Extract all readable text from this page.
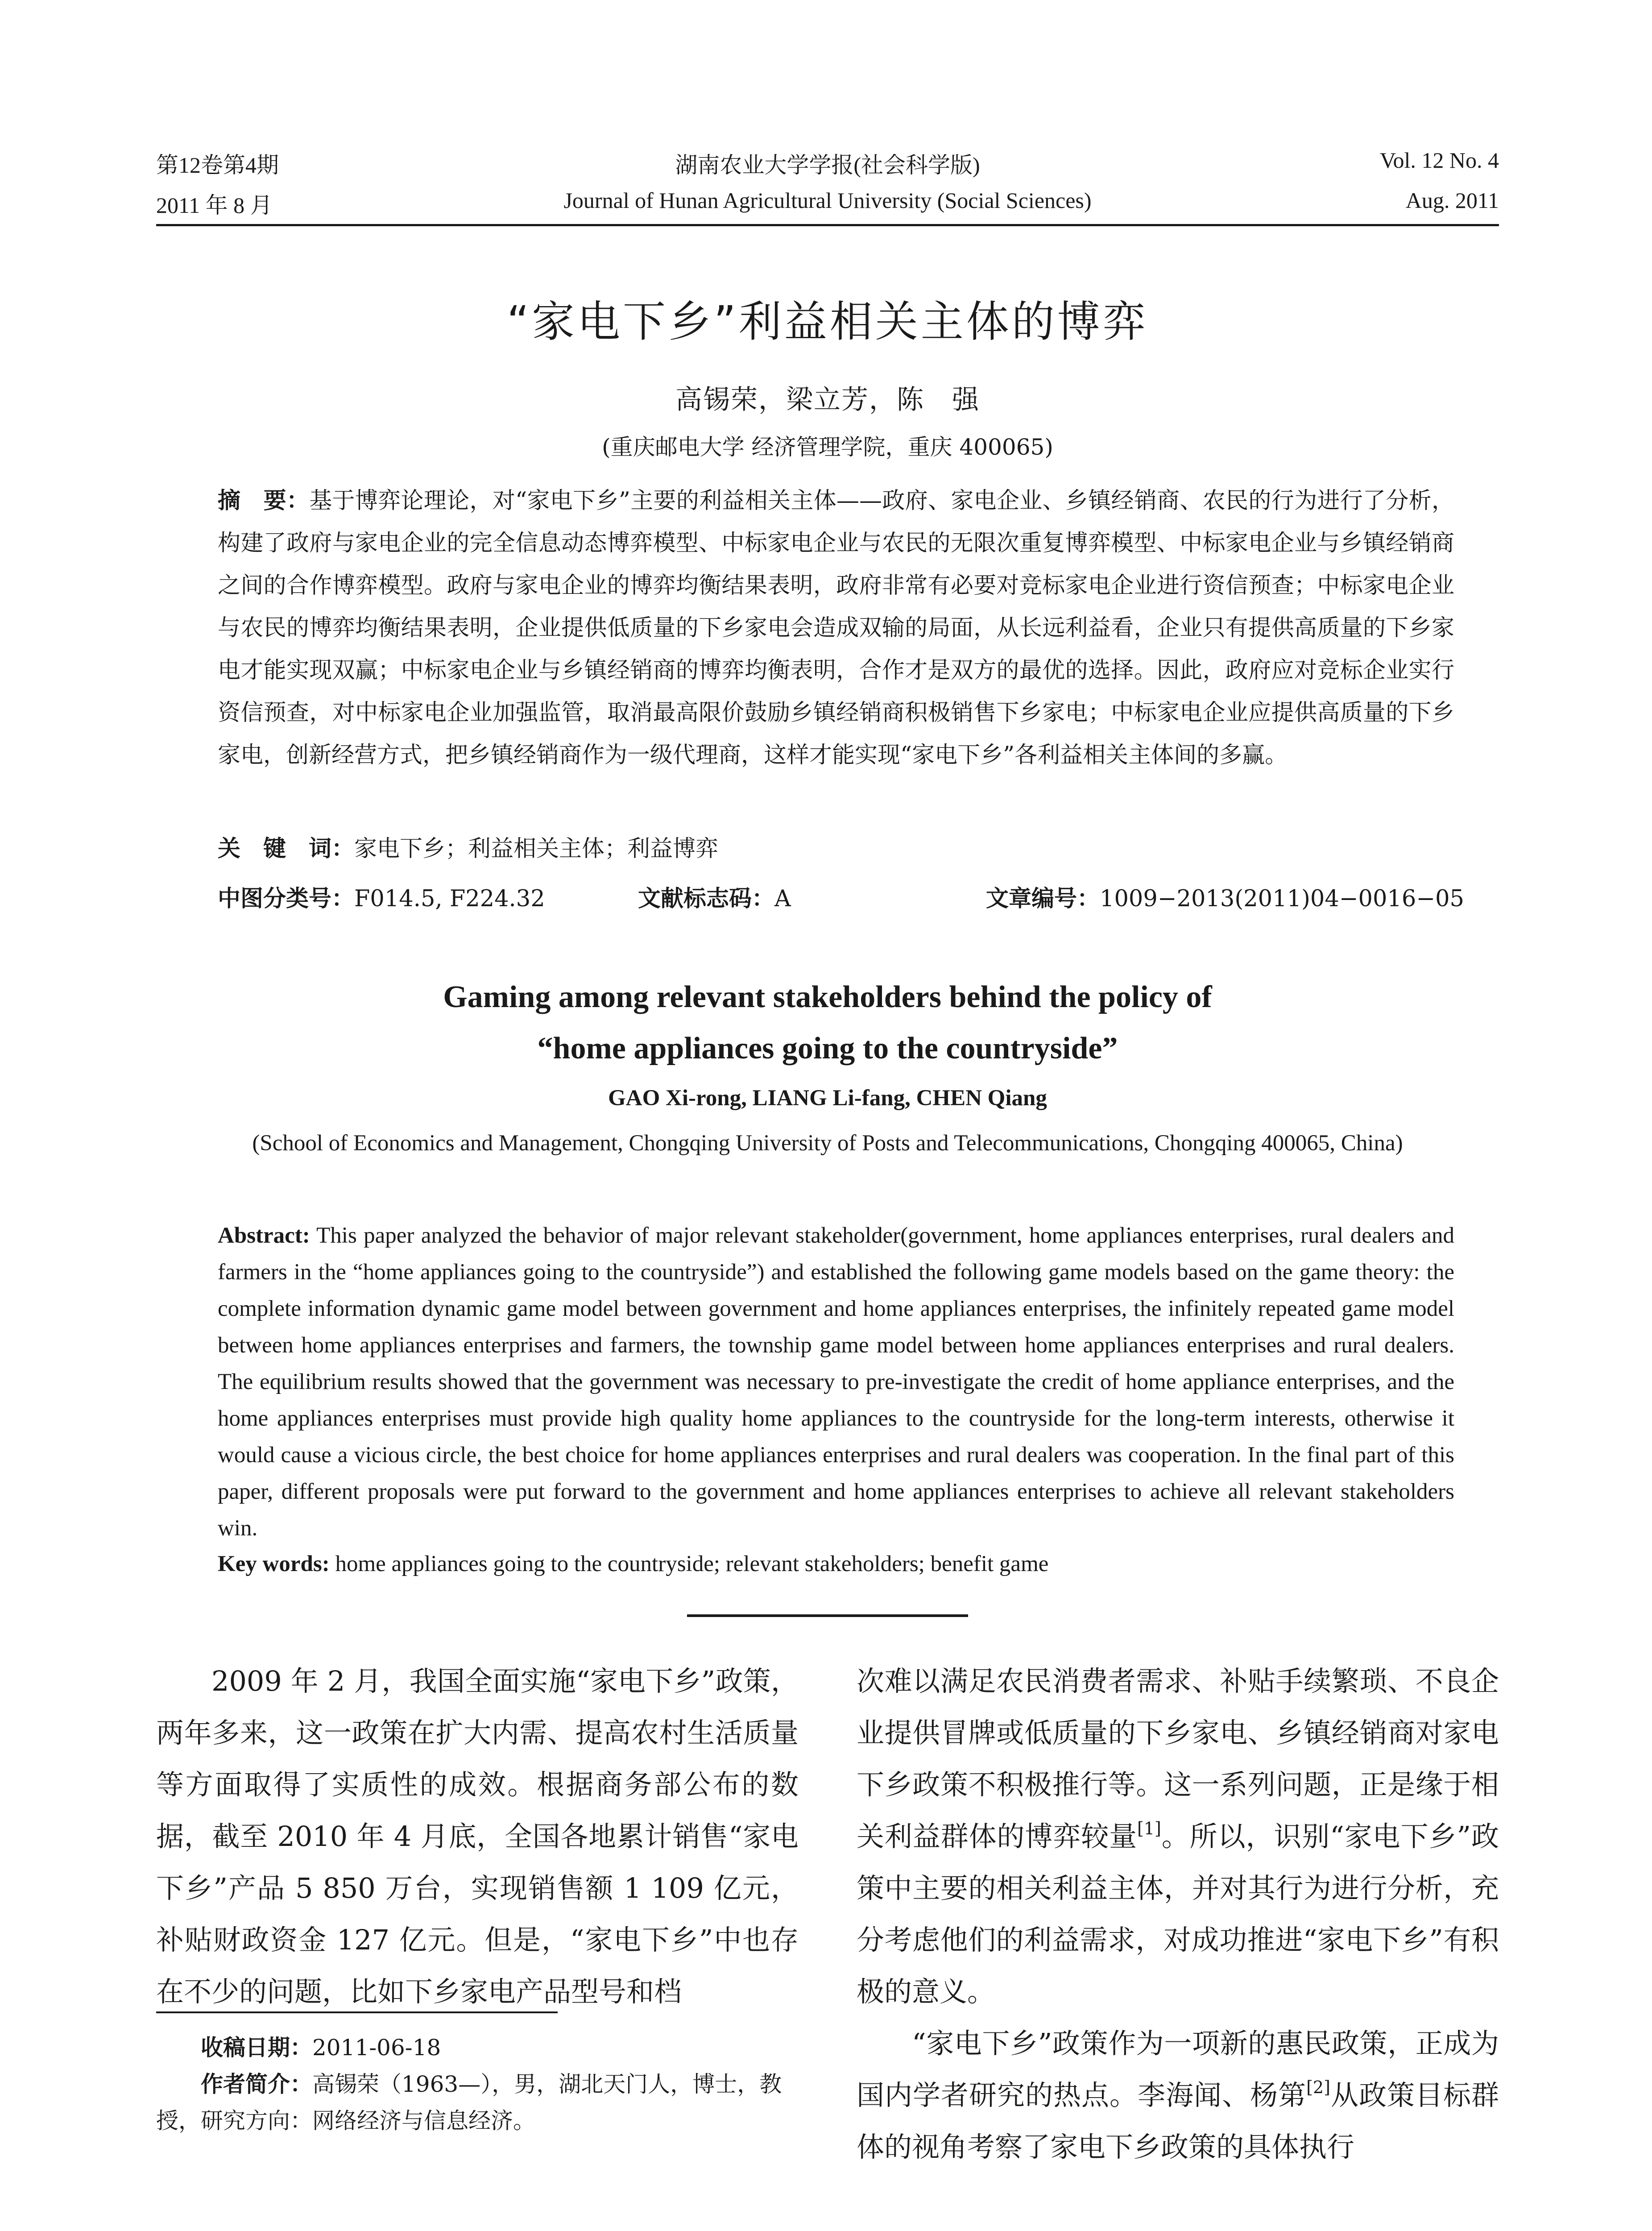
第12卷第4期	湖南农业大学学报(社会科学版)	Vol. 12 No. 4
2011 年 8 月	Journal of Hunan Agricultural University (Social Sciences)	Aug. 2011
“家电下乡”利益相关主体的博弈
高锡荣，梁立芳，陈　强
(重庆邮电大学 经济管理学院，重庆 400065)
摘　要：基于博弈论理论，对“家电下乡”主要的利益相关主体——政府、家电企业、乡镇经销商、农民的行为进行了分析，构建了政府与家电企业的完全信息动态博弈模型、中标家电企业与农民的无限次重复博弈模型、中标家电企业与乡镇经销商之间的合作博弈模型。政府与家电企业的博弈均衡结果表明，政府非常有必要对竞标家电企业进行资信预查；中标家电企业与农民的博弈均衡结果表明，企业提供低质量的下乡家电会造成双输的局面，从长远利益看，企业只有提供高质量的下乡家电才能实现双赢；中标家电企业与乡镇经销商的博弈均衡表明，合作才是双方的最优的选择。因此，政府应对竞标企业实行资信预查，对中标家电企业加强监管，取消最高限价鼓励乡镇经销商积极销售下乡家电；中标家电企业应提供高质量的下乡家电，创新经营方式，把乡镇经销商作为一级代理商，这样才能实现“家电下乡”各利益相关主体间的多赢。
关　键　词：家电下乡；利益相关主体；利益博弈
中图分类号：F014.5, F224.32	文献标志码：A	文章编号：1009−2013(2011)04−0016−05
Gaming among relevant stakeholders behind the policy of
“home appliances going to the countryside”
GAO Xi-rong, LIANG Li-fang, CHEN Qiang
(School of Economics and Management, Chongqing University of Posts and Telecommunications, Chongqing 400065, China)
Abstract: This paper analyzed the behavior of major relevant stakeholder(government, home appliances enterprises, rural dealers and farmers in the “home appliances going to the countryside”) and established the following game models based on the game theory: the complete information dynamic game model between government and home appliances enterprises, the infinitely repeated game model between home appliances enterprises and farmers, the township game model between home appliances enterprises and rural dealers. The equilibrium results showed that the government was necessary to pre-investigate the credit of home appliance enterprises, and the home appliances enterprises must provide high quality home appliances to the countryside for the long-term interests, otherwise it would cause a vicious circle, the best choice for home appliances enterprises and rural dealers was cooperation. In the final part of this paper, different proposals were put forward to the government and home appliances enterprises to achieve all relevant stakeholders win.
Key words: home appliances going to the countryside; relevant stakeholders; benefit game

2009 年 2 月，我国全面实施“家电下乡”政策，两年多来，这一政策在扩大内需、提高农村生活质量等方面取得了实质性的成效。根据商务部公布的数据，截至 2010 年 4 月底，全国各地累计销售“家电下乡”产品 5 850 万台，实现销售额 1 109 亿元，补贴财政资金 127 亿元。但是，“家电下乡”中也存在不少的问题，比如下乡家电产品型号和档

次难以满足农民消费者需求、补贴手续繁琐、不良企业提供冒牌或低质量的下乡家电、乡镇经销商对家电下乡政策不积极推行等。这一系列问题，正是缘于相关利益群体的博弈较量[1]。所以，识别“家电下乡”政策中主要的相关利益主体，并对其行为进行分析，充分考虑他们的利益需求，对成功推进“家电下乡”有积极的意义。

“家电下乡”政策作为一项新的惠民政策，正成为国内学者研究的热点。李海闻、杨第[2]从政策目标群体的视角考察了家电下乡政策的具体执行

收稿日期：2011-06-18

作者简介：高锡荣（1963—），男，湖北天门人，博士，教授，研究方向：网络经济与信息经济。
